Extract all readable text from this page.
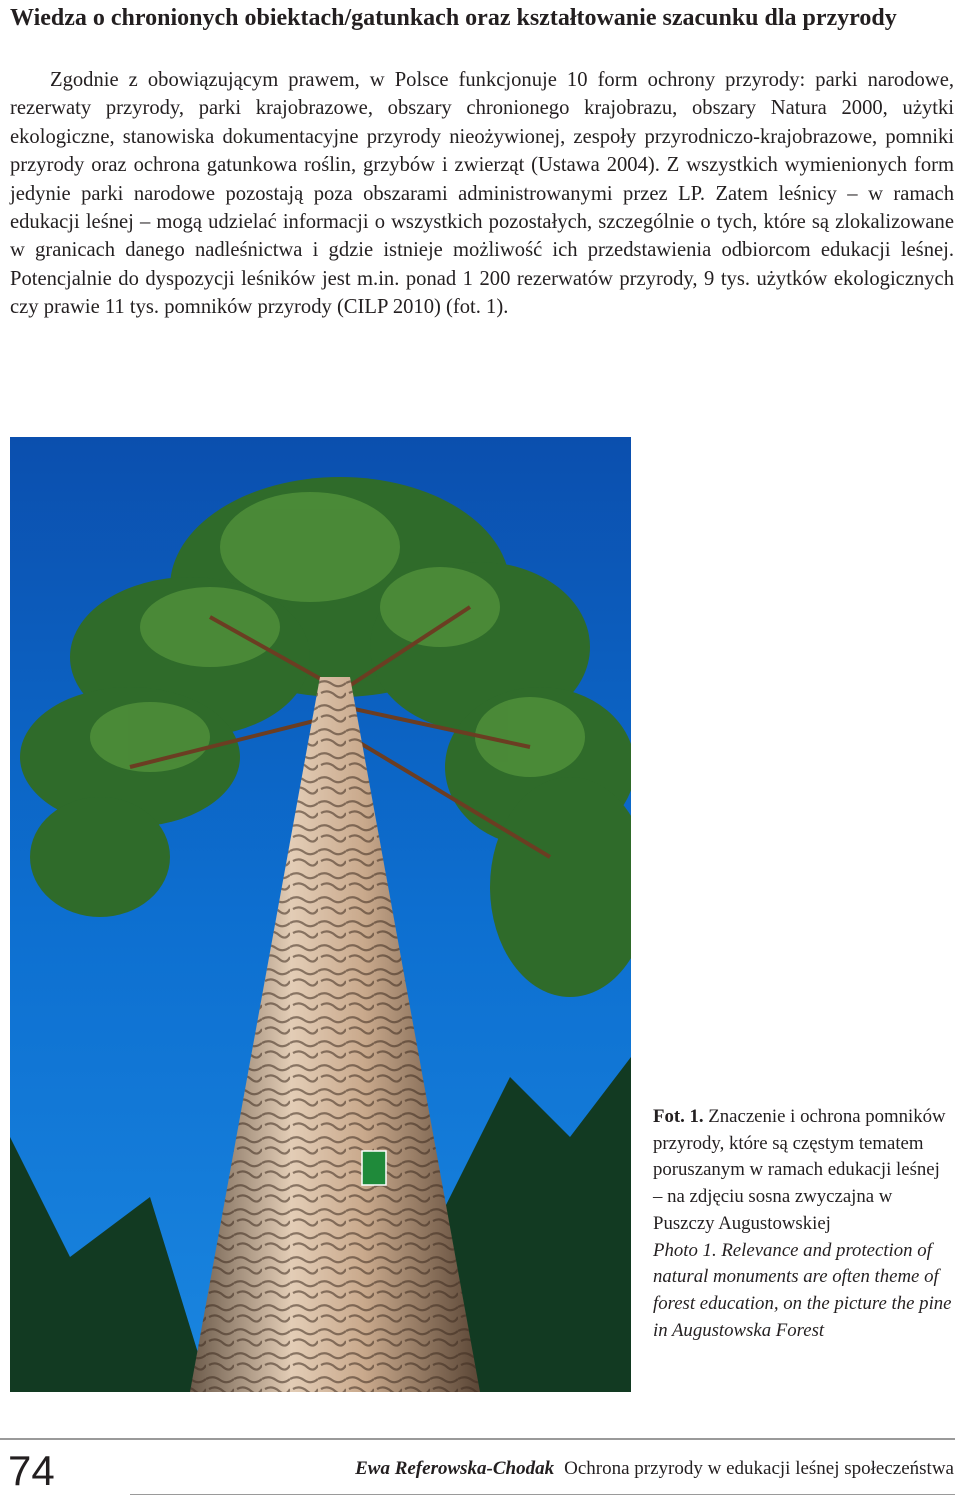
Wiedza o chronionych obiektach/gatunkach oraz kształtowanie szacunku dla przyrody

Zgodnie z obowiązującym prawem, w Polsce funkcjonuje 10 form ochrony przyrody: parki narodowe, rezerwaty przyrody, parki krajobrazowe, obszary chronionego krajobrazu, obszary Natura 2000, użytki ekologiczne, stanowiska dokumentacyjne przyrody nieożywionej, zespoły przyrodniczo-krajobrazowe, pomniki przyrody oraz ochrona gatunkowa roślin, grzybów i zwierząt (Ustawa 2004). Z wszystkich wymienionych form jedynie parki narodowe pozostają poza obszarami administrowanymi przez LP. Zatem leśnicy – w ramach edukacji leśnej – mogą udzielać informacji o wszystkich pozostałych, szczególnie o tych, które są zlokalizowane w granicach danego nadleśnictwa i gdzie istnieje możliwość ich przedstawienia odbiorcom edukacji leśnej. Potencjalnie do dyspozycji leśników jest m.in. ponad 1 200 rezerwatów przyrody, 9 tys. użytków ekologicznych czy prawie 11 tys. pomników przyrody (CILP 2010) (fot. 1).

Fot. 1. Znaczenie i ochrona pomników przyrody, które są częstym tematem poruszanym w ramach edukacji leśnej – na zdjęciu sosna zwyczajna w Puszczy Augustowskiej
Photo 1. Relevance and protection of natural monuments are often theme of forest education, on the picture the pine in Augustowska Forest
74	Ewa Referowska-Chodak Ochrona przyrody w edukacji leśnej społeczeństwa
